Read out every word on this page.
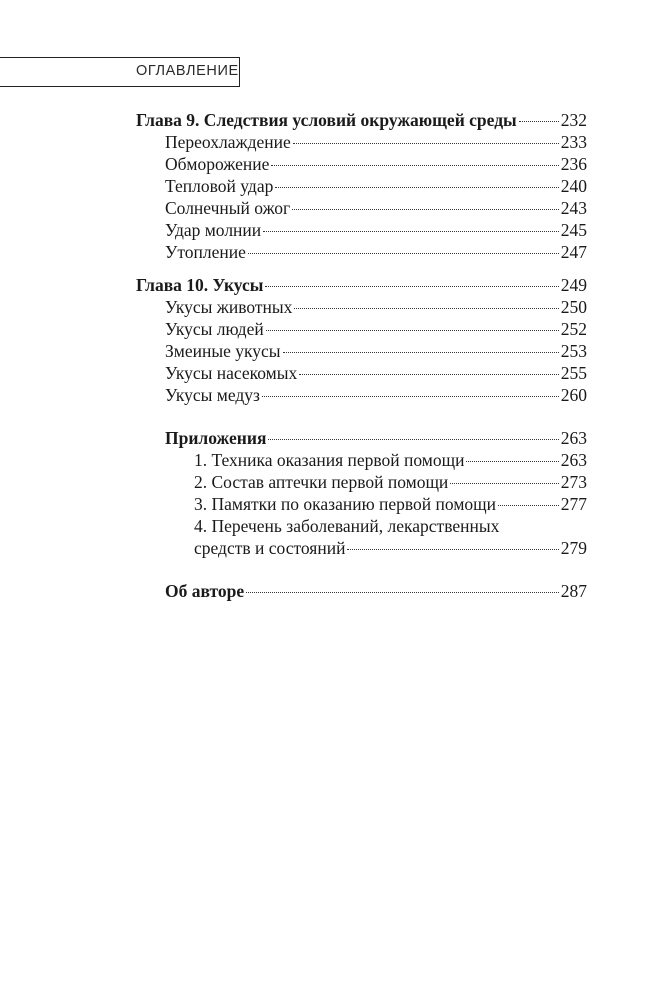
ОГЛАВЛЕНИЕ
Глава 9. Следствия условий окружающей среды	232
Переохлаждение	233
Обморожение	236
Тепловой удар	240
Солнечный ожог	243
Удар молнии	245
Утопление	247
Глава 10. Укусы	249
Укусы животных	250
Укусы людей	252
Змеиные укусы	253
Укусы насекомых	255
Укусы медуз	260
Приложения	263
1. Техника оказания первой помощи	263
2. Состав аптечки первой помощи	273
3. Памятки по оказанию первой помощи	277
4. Перечень заболеваний, лекарственных
средств и состояний	279
Об авторе	287
